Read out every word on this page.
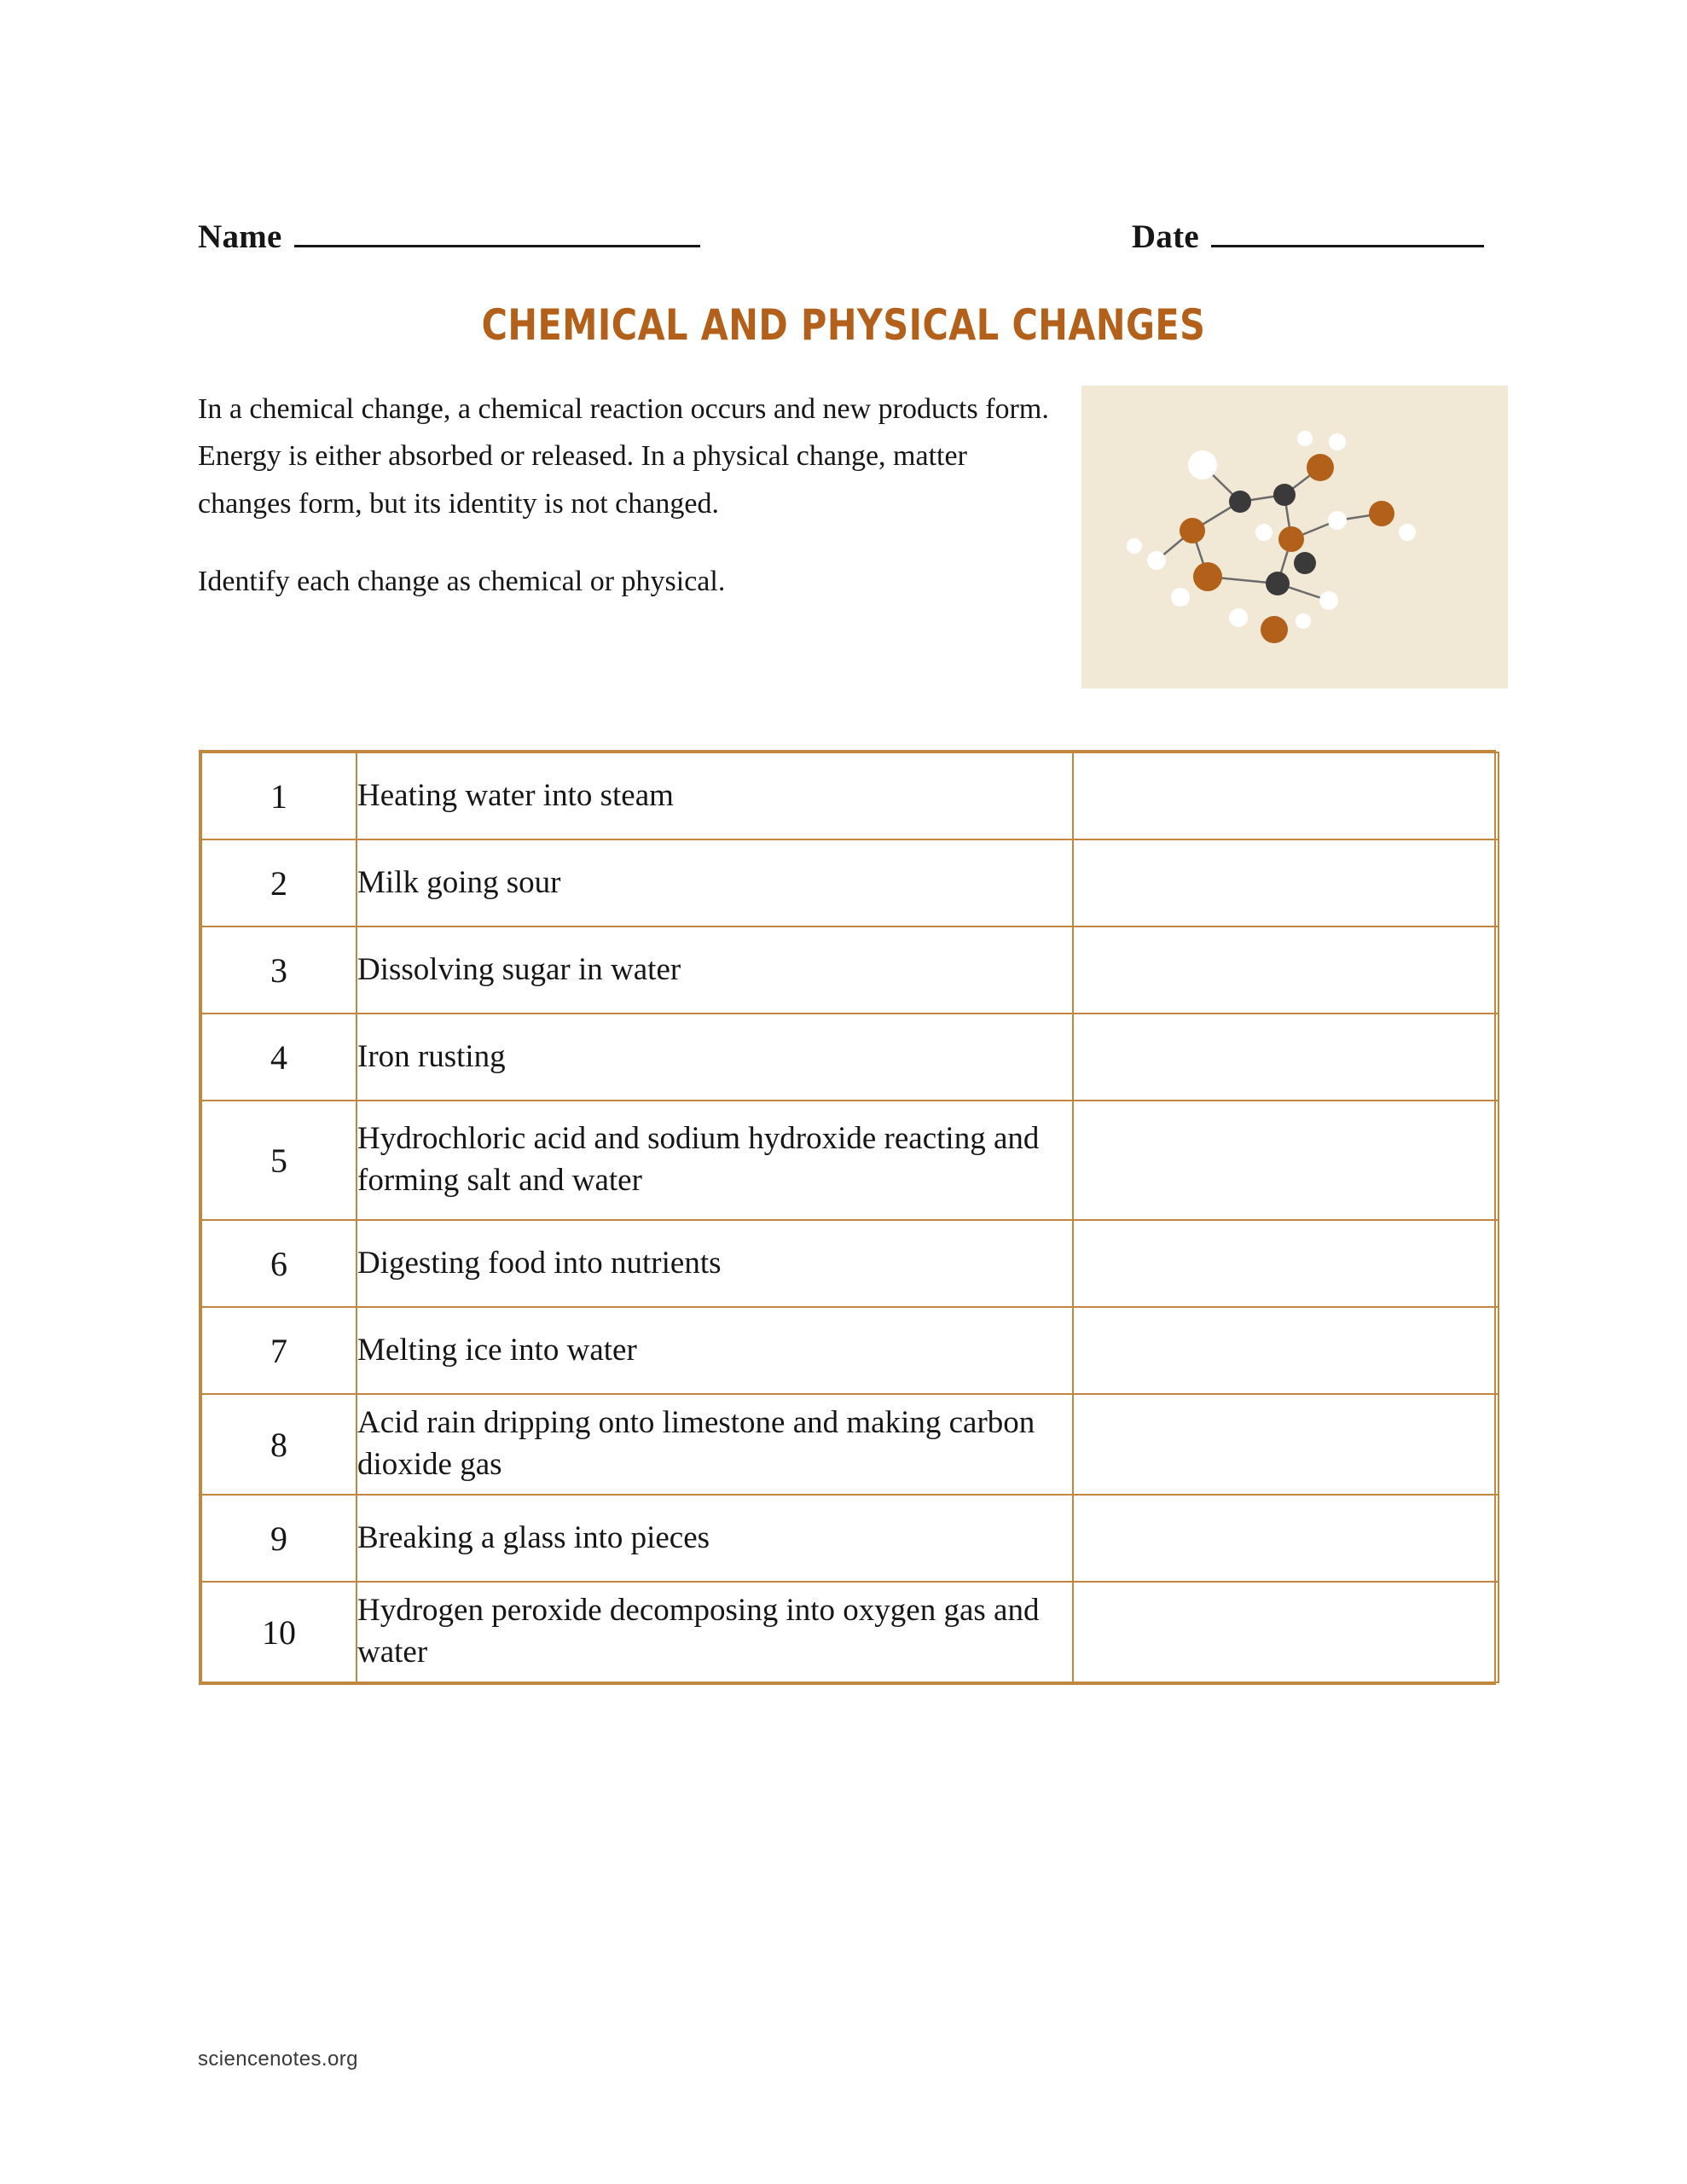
Name	Date
CHEMICAL AND PHYSICAL CHANGES

In a chemical change, a chemical reaction occurs and new products form. Energy is either absorbed or released. In a physical change, matter changes form, but its identity is not changed.

Identify each change as chemical or physical.

1	Heating water into steam	
2	Milk going sour	
3	Dissolving sugar in water	
4	Iron rusting	
5	Hydrochloric acid and sodium hydroxide reacting and forming salt and water	
6	Digesting food into nutrients	
7	Melting ice into water	
8	Acid rain dripping onto limestone and making carbon dioxide gas	
9	Breaking a glass into pieces	
10	Hydrogen peroxide decomposing into oxygen gas and water	
sciencenotes.org
